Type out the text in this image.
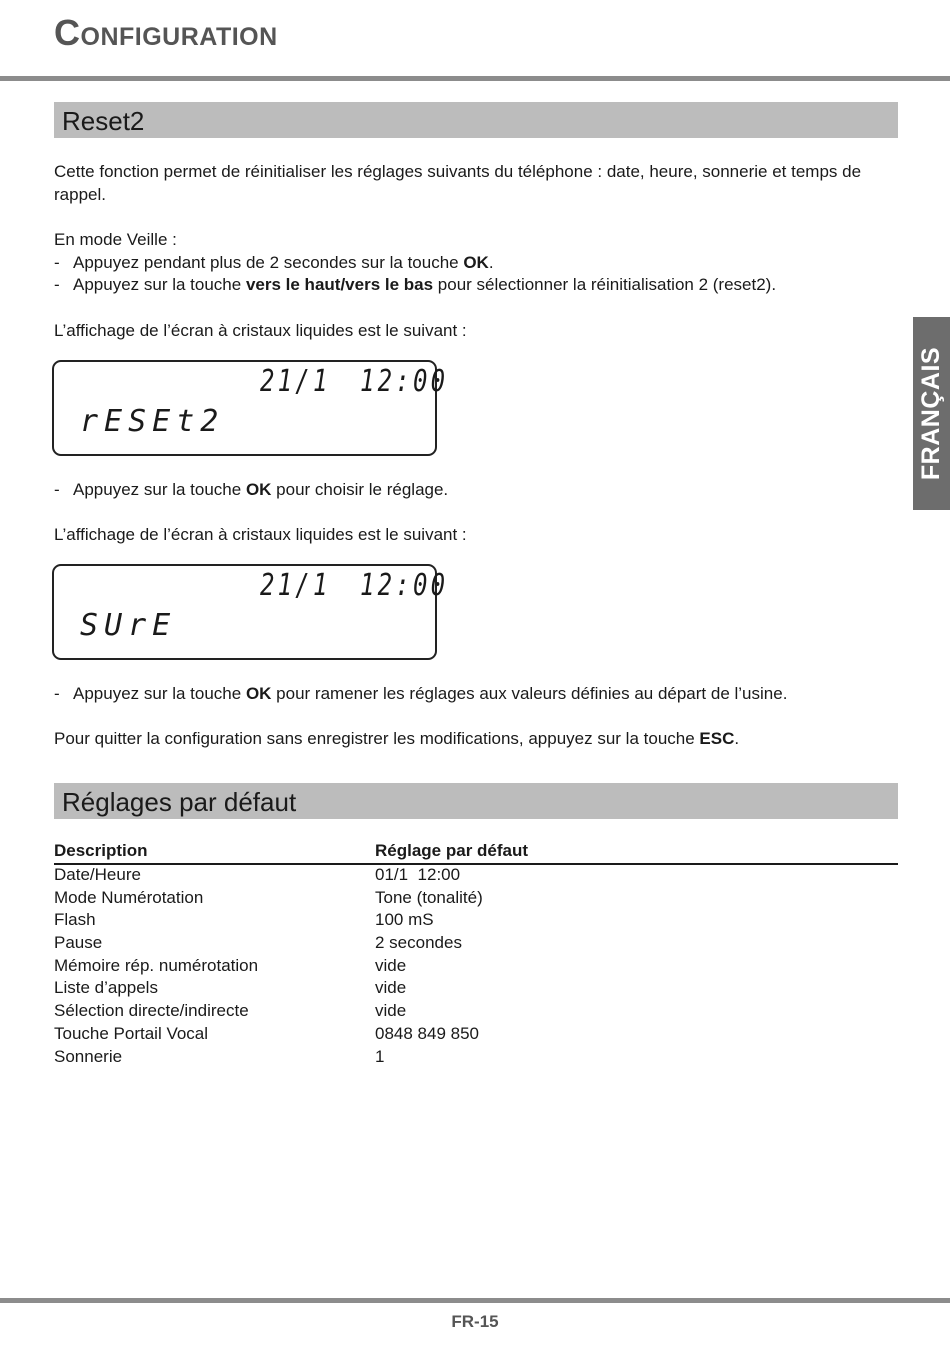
Configuration
FRANÇAIS
Reset2

Cette fonction permet de réinitialiser les réglages suivants du téléphone : date, heure, sonnerie et temps de rappel.

En mode Veille :

- Appuyez pendant plus de 2 secondes sur la touche OK.
- Appuyez sur la touche vers le haut/vers le bas pour sélectionner la réinitialisation 2 (reset2).

L’affichage de l’écran à cristaux liquides est le suivant :

21/1 12:00
rESEt2
- Appuyez sur la touche OK pour choisir le réglage.

L’affichage de l’écran à cristaux liquides est le suivant :

21/1 12:00
SUrE
- Appuyez sur la touche OK pour ramener les réglages aux valeurs définies au départ de l’usine.

Pour quitter la configuration sans enregistrer les modifications, appuyez sur la touche ESC.

Réglages par défaut
Description	Réglage par défaut
Date/Heure	01/1  12:00
Mode Numérotation	Tone (tonalité)
Flash	100 mS
Pause	2 secondes
Mémoire rép. numérotation	vide
Liste d’appels	vide
Sélection directe/indirecte	vide
Touche Portail Vocal	0848 849 850
Sonnerie	1
FR-15
